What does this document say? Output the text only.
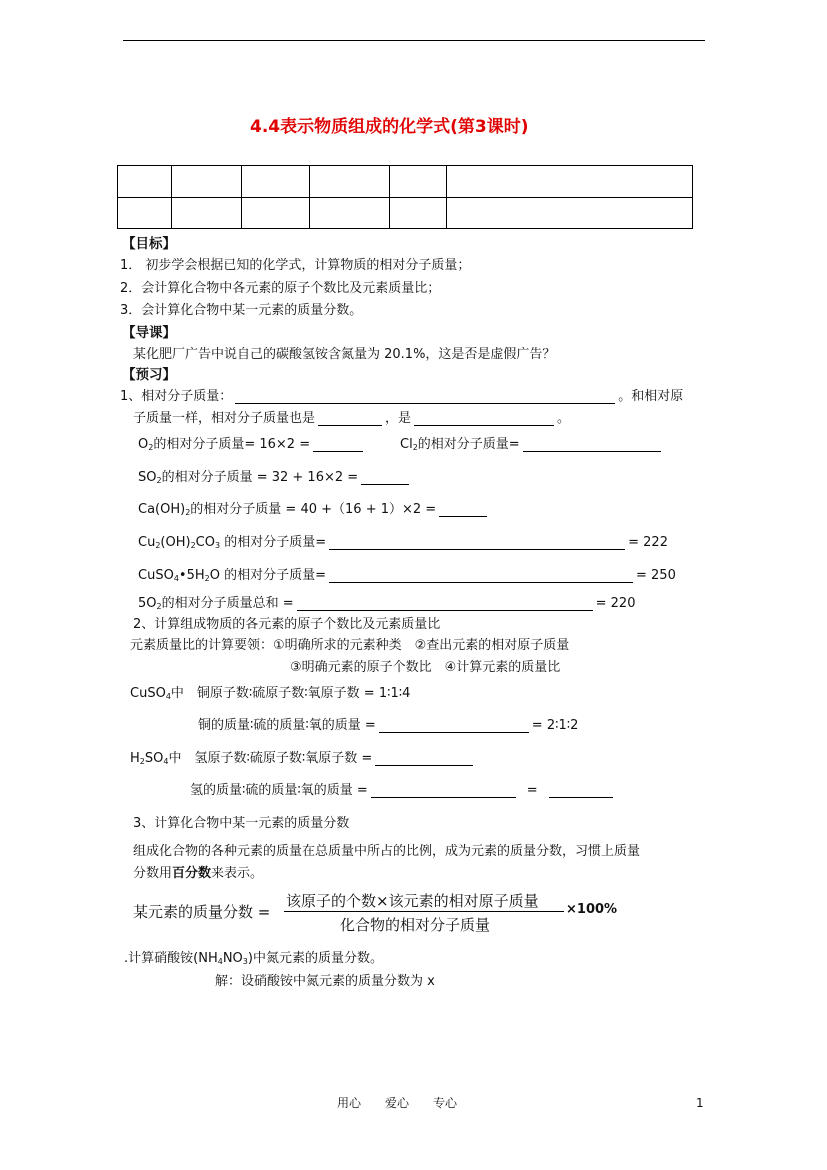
4.4表示物质组成的化学式(第3课时)

【目标】
1． 初步学会根据已知的化学式，计算物质的相对分子质量；
2．会计算化合物中各元素的原子个数比及元素质量比；
3．会计算化合物中某一元素的质量分数。
【导课】
某化肥厂广告中说自己的碳酸氢铵含氮量为 20.1%，这是否是虚假广告？
【预习】
1、相对分子质量：	。和相对原
子质量一样，相对分子质量也是	，是	。
$O_2$的相对分子质量= 16×2 =	$Cl_2$的相对分子质量=
$SO_2$的相对分子质量 = 32 + 16×2 =
$Ca(OH)_2$的相对分子质量 = 40 +（16 + 1）×2 =
$Cu_2(OH)_2CO_3$ 的相对分子质量=	= 222
$CuSO_4•5H_2O$ 的相对分子质量=	= 250
$5O_2$的相对分子质量总和 =	= 220
2、计算组成物质的各元素的原子个数比及元素质量比
元素质量比的计算要领：①明确所求的元素种类　②查出元素的相对原子质量
③明确元素的原子个数比　④计算元素的质量比
CuSO$_4$中　铜原子数∶硫原子数∶氧原子数 = 1∶1∶4
铜的质量∶硫的质量∶氧的质量 =	= 2∶1∶2
$H_2SO_4$中　氢原子数∶硫原子数∶氧原子数 =
氢的质量∶硫的质量∶氧的质量 =	=
3、计算化合物中某一元素的质量分数
组成化合物的各种元素的质量在总质量中所占的比例，成为元素的质量分数，习惯上质量
分数用百分数来表示。
某元素的质量分数 =
该原子的个数×该元素的相对原子质量
化合物的相对分子质量
×100%
.计算硝酸铵$(NH_4NO_3)$中氮元素的质量分数。
解：设硝酸铵中氮元素的质量分数为 x
用心　　爱心　　专心	1
